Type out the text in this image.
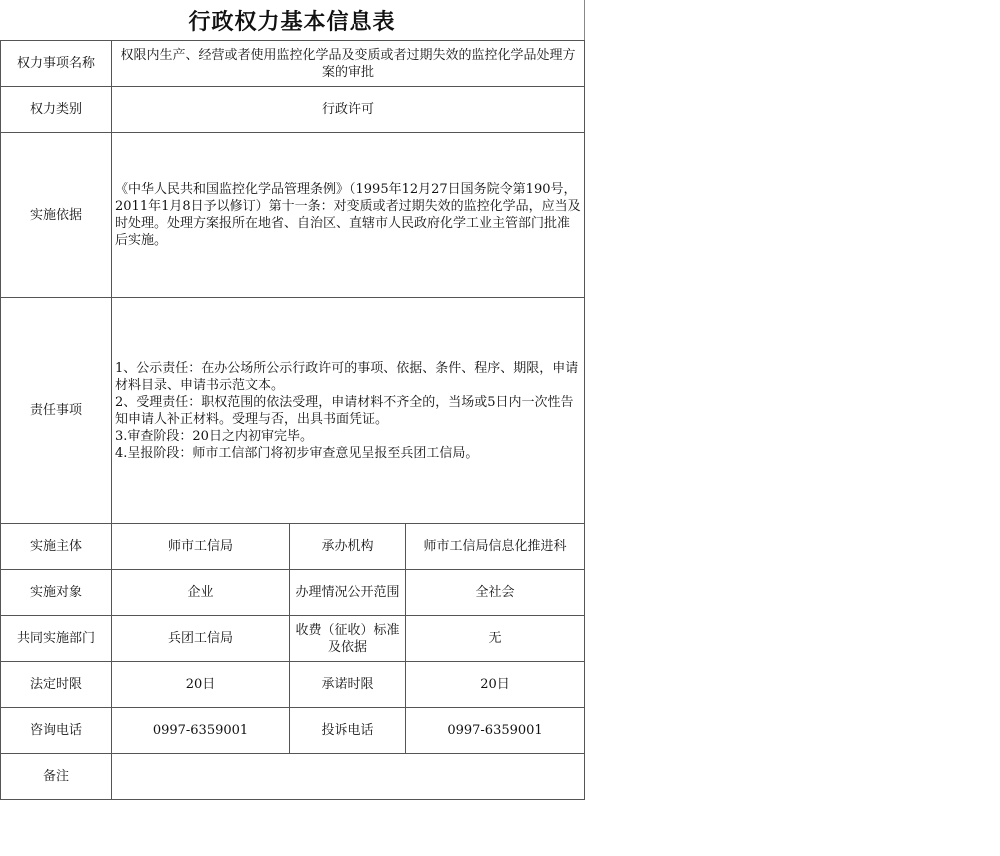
行政权力基本信息表
权力事项名称	权限内生产、经营或者使用监控化学品及变质或者过期失效的监控化学品处理方案的审批		
权力类别	行政许可		
实施依据	《中华人民共和国监控化学品管理条例》（1995年12月27日国务院令第190号，2011年1月8日予以修订）第十一条：对变质或者过期失效的监控化学品，应当及时处理。处理方案报所在地省、自治区、直辖市人民政府化学工业主管部门批准后实施。		
责任事项	1、公示责任：在办公场所公示行政许可的事项、依据、条件、程序、期限，申请材料目录、申请书示范文本。
2、受理责任：职权范围的依法受理，申请材料不齐全的，当场或5日内一次性告知申请人补正材料。受理与否，出具书面凭证。
3.审查阶段：20日之内初审完毕。
4.呈报阶段：师市工信部门将初步审查意见呈报至兵团工信局。		
实施主体	师市工信局	承办机构	师市工信局信息化推进科
实施对象	企业	办理情况公开范围	全社会
共同实施部门	兵团工信局	收费（征收）标准及依据	无
法定时限	20日	承诺时限	20日
咨询电话	0997-6359001	投诉电话	0997-6359001
备注			
